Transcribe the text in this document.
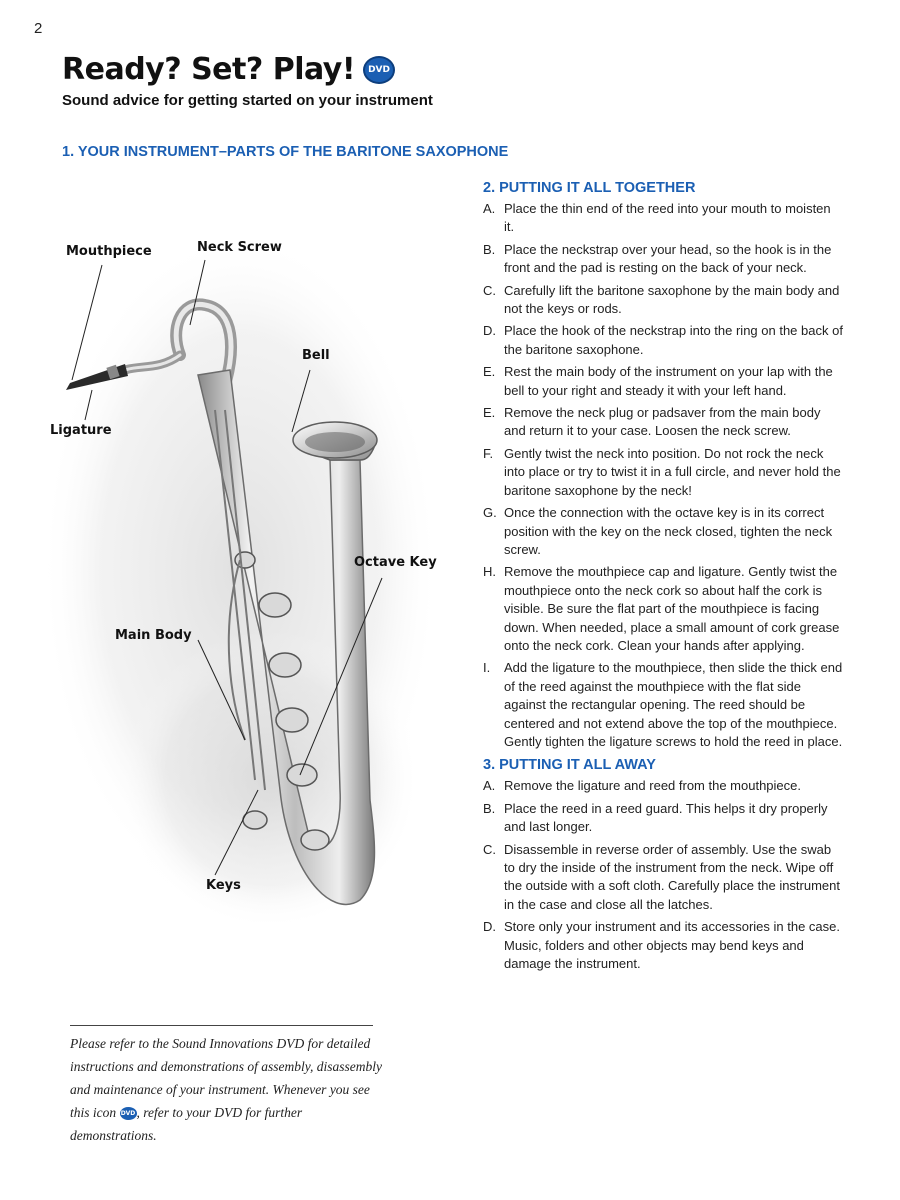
2
Ready? Set? Play!	DVD

Sound advice for getting started on your instrument

1. YOUR INSTRUMENT–PARTS OF THE BARITONE SAXOPHONE
Mouthpiece	Neck Screw
Bell
Ligature
Octave Key
Main Body
Keys
2. PUTTING IT ALL TOGETHER
A. Place the thin end of the reed into your mouth to moisten it.
B. Place the neckstrap over your head, so the hook is in the front and the pad is resting on the back of your neck.
C. Carefully lift the baritone saxophone by the main body and not the keys or rods.
D. Place the hook of the neckstrap into the ring on the back of the baritone saxophone.
E. Rest the main body of the instrument on your lap with the bell to your right and steady it with your left hand.
E. Remove the neck plug or padsaver from the main body and return it to your case. Loosen the neck screw.
F. Gently twist the neck into position. Do not rock the neck into place or try to twist it in a full circle, and never hold the baritone saxophone by the neck!
G. Once the connection with the octave key is in its correct position with the key on the neck closed, tighten the neck screw.
H. Remove the mouthpiece cap and ligature. Gently twist the mouthpiece onto the neck cork so about half the cork is visible. Be sure the flat part of the mouthpiece is facing down. When needed, place a small amount of cork grease onto the neck cork. Clean your hands after applying.
I.	Add the ligature to the mouthpiece, then slide the thick end of the reed against the mouthpiece with the flat side against the rectangular opening. The reed should be centered and not extend above the top of the mouthpiece. Gently tighten the ligature screws to hold the reed in place.
3. PUTTING IT ALL AWAY
A. Remove the ligature and reed from the mouthpiece.
B. Place the reed in a reed guard. This helps it dry properly and last longer.
C. Disassemble in reverse order of assembly. Use the swab to dry the inside of the instrument from the neck. Wipe off the outside with a soft cloth. Carefully place the instrument in the case and close all the latches.
D. Store only your instrument and its accessories in the case. Music, folders and other objects may bend keys and damage the instrument.

Please refer to the Sound Innovations DVD for detailed instructions and demonstrations of assembly, disassembly and maintenance of your instrument. Whenever you see this icon DVD, refer to your DVD for further demonstrations.
